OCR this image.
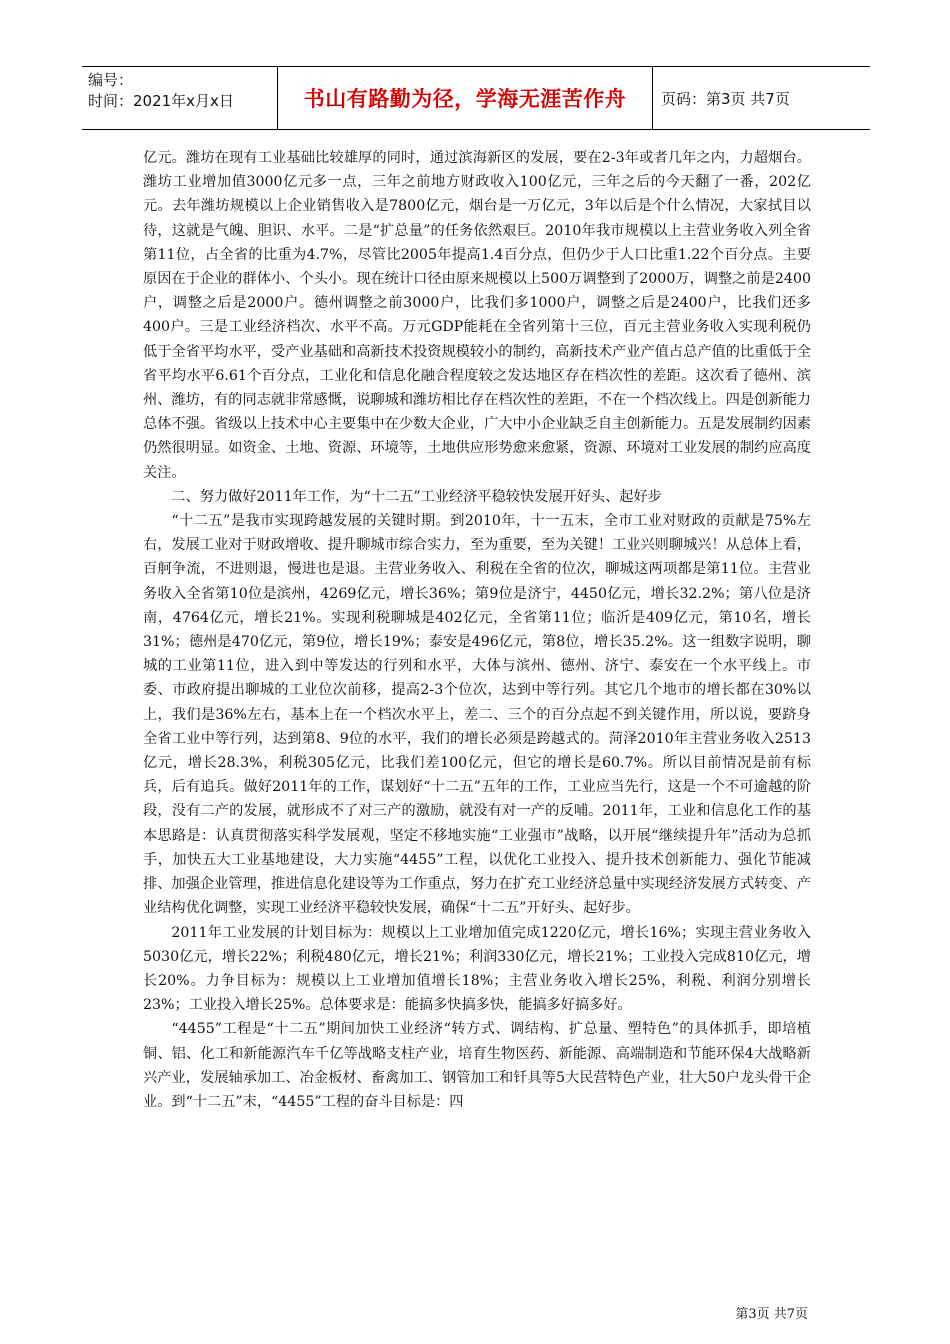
编号：
时间：2021年x月x日	书山有路勤为径，学海无涯苦作舟	页码：第3页 共7页

亿元。潍坊在现有工业基础比较雄厚的同时，通过滨海新区的发展，要在2-3年或者几年之内，力超烟台。潍坊工业增加值3000亿元多一点，三年之前地方财政收入100亿元，三年之后的今天翻了一番，202亿元。去年潍坊规模以上企业销售收入是7800亿元，烟台是一万亿元，3年以后是个什么情况，大家拭目以待，这就是气魄、胆识、水平。二是“扩总量”的任务依然艰巨。2010年我市规模以上主营业务收入列全省第11位，占全省的比重为4.7%，尽管比2005年提高1.4百分点，但仍少于人口比重1.22个百分点。主要原因在于企业的群体小、个头小。现在统计口径由原来规模以上500万调整到了2000万，调整之前是2400户，调整之后是2000户。德州调整之前3000户，比我们多1000户，调整之后是2400户，比我们还多400户。三是工业经济档次、水平不高。万元GDP能耗在全省列第十三位，百元主营业务收入实现利税仍低于全省平均水平，受产业基础和高新技术投资规模较小的制约，高新技术产业产值占总产值的比重低于全省平均水平6.61个百分点，工业化和信息化融合程度较之发达地区存在档次性的差距。这次看了德州、滨州、潍坊，有的同志就非常感慨，说聊城和潍坊相比存在档次性的差距，不在一个档次线上。四是创新能力总体不强。省级以上技术中心主要集中在少数大企业，广大中小企业缺乏自主创新能力。五是发展制约因素仍然很明显。如资金、土地、资源、环境等，土地供应形势愈来愈紧，资源、环境对工业发展的制约应高度关注。

二、努力做好2011年工作，为“十二五”工业经济平稳较快发展开好头、起好步

“十二五”是我市实现跨越发展的关键时期。到2010年，十一五末，全市工业对财政的贡献是75%左右，发展工业对于财政增收、提升聊城市综合实力，至为重要，至为关键！工业兴则聊城兴！从总体上看，百舸争流，不进则退，慢进也是退。主营业务收入、利税在全省的位次，聊城这两项都是第11位。主营业务收入全省第10位是滨州，4269亿元，增长36%；第9位是济宁，4450亿元，增长32.2%；第八位是济南，4764亿元，增长21%。实现利税聊城是402亿元，全省第11位；临沂是409亿元，第10名，增长31%；德州是470亿元，第9位，增长19%；泰安是496亿元，第8位，增长35.2%。这一组数字说明，聊城的工业第11位，进入到中等发达的行列和水平，大体与滨州、德州、济宁、泰安在一个水平线上。市委、市政府提出聊城的工业位次前移，提高2-3个位次，达到中等行列。其它几个地市的增长都在30%以上，我们是36%左右，基本上在一个档次水平上，差二、三个的百分点起不到关键作用，所以说，要跻身全省工业中等行列，达到第8、9位的水平，我们的增长必须是跨越式的。菏泽2010年主营业务收入2513亿元，增长28.3%，利税305亿元，比我们差100亿元，但它的增长是60.7%。所以目前情况是前有标兵，后有追兵。做好2011年的工作，谋划好“十二五”五年的工作，工业应当先行，这是一个不可逾越的阶段，没有二产的发展，就形成不了对三产的激励，就没有对一产的反哺。2011年，工业和信息化工作的基本思路是：认真贯彻落实科学发展观，坚定不移地实施“工业强市”战略，以开展“继续提升年”活动为总抓手，加快五大工业基地建设，大力实施“4455”工程，以优化工业投入、提升技术创新能力、强化节能减排、加强企业管理，推进信息化建设等为工作重点，努力在扩充工业经济总量中实现经济发展方式转变、产业结构优化调整，实现工业经济平稳较快发展，确保“十二五”开好头、起好步。

2011年工业发展的计划目标为：规模以上工业增加值完成1220亿元，增长16%；实现主营业务收入5030亿元，增长22%；利税480亿元，增长21%；利润330亿元，增长21%；工业投入完成810亿元，增长20%。力争目标为：规模以上工业增加值增长18%；主营业务收入增长25%，利税、利润分别增长23%；工业投入增长25%。总体要求是：能搞多快搞多快，能搞多好搞多好。

“4455”工程是“十二五”期间加快工业经济“转方式、调结构、扩总量、塑特色”的具体抓手，即培植铜、铝、化工和新能源汽车千亿等战略支柱产业，培育生物医药、新能源、高端制造和节能环保4大战略新兴产业，发展轴承加工、冶金板材、畜禽加工、钢管加工和钎具等5大民营特色产业，壮大50户龙头骨干企业。到“十二五”末，“4455”工程的奋斗目标是：四

第3页 共7页
